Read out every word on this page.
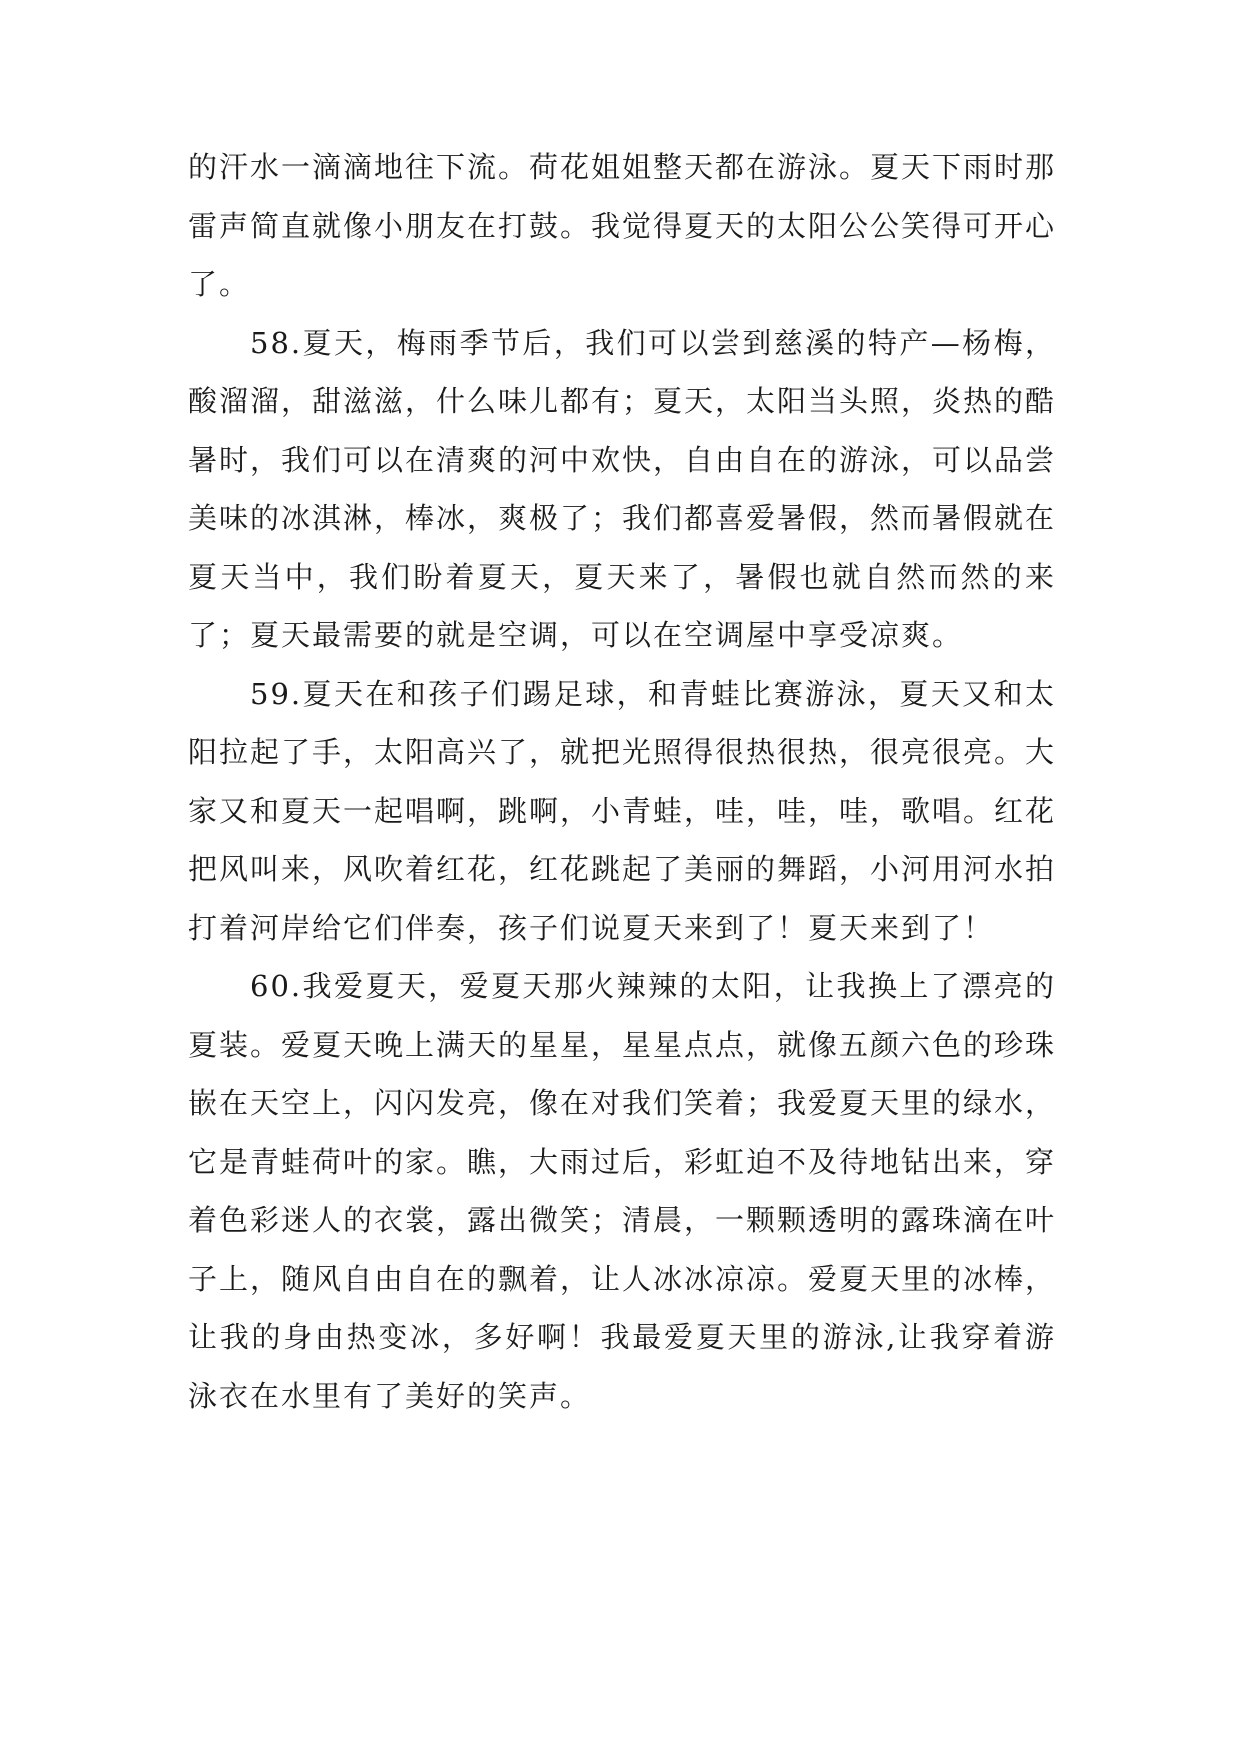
的汗水一滴滴地往下流。荷花姐姐整天都在游泳。夏天下雨时那雷声简直就像小朋友在打鼓。我觉得夏天的太阳公公笑得可开心了。

58.夏天，梅雨季节后，我们可以尝到慈溪的特产—杨梅，酸溜溜，甜滋滋，什么味儿都有；夏天，太阳当头照，炎热的酷暑时，我们可以在清爽的河中欢快，自由自在的游泳，可以品尝美味的冰淇淋，棒冰，爽极了；我们都喜爱暑假，然而暑假就在夏天当中，我们盼着夏天，夏天来了，暑假也就自然而然的来了；夏天最需要的就是空调，可以在空调屋中享受凉爽。

59.夏天在和孩子们踢足球，和青蛙比赛游泳，夏天又和太阳拉起了手，太阳高兴了，就把光照得很热很热，很亮很亮。大家又和夏天一起唱啊，跳啊，小青蛙，哇，哇，哇，歌唱。红花把风叫来，风吹着红花，红花跳起了美丽的舞蹈，小河用河水拍打着河岸给它们伴奏，孩子们说夏天来到了！夏天来到了！

60.我爱夏天，爱夏天那火辣辣的太阳，让我换上了漂亮的夏装。爱夏天晚上满天的星星，星星点点，就像五颜六色的珍珠嵌在天空上，闪闪发亮，像在对我们笑着；我爱夏天里的绿水，它是青蛙荷叶的家。瞧，大雨过后，彩虹迫不及待地钻出来，穿着色彩迷人的衣裳，露出微笑；清晨，一颗颗透明的露珠滴在叶子上，随风自由自在的飘着，让人冰冰凉凉。爱夏天里的冰棒，让我的身由热变冰，多好啊！我最爱夏天里的游泳,让我穿着游泳衣在水里有了美好的笑声。
